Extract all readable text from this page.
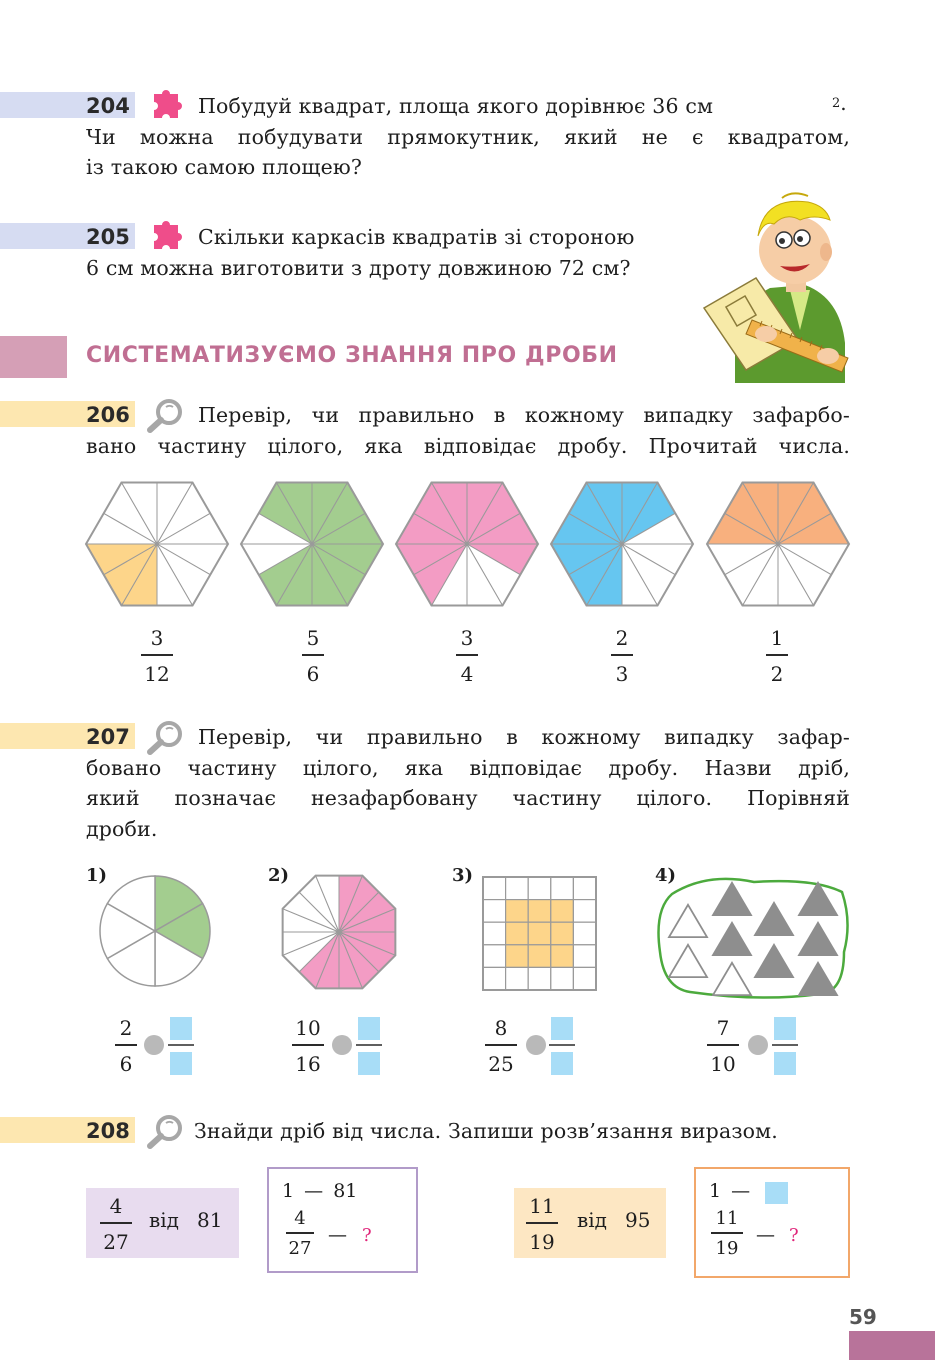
204	Побудуй квадрат, площа якого дорівнює 36 см
Чи можна побудувати прямокутник, який не є квадратом,
із такою самою площею?
2.
205	Скільки каркасів квадратів зі стороною
6 см можна виготовити з дроту довжиною 72 см?
СИСТЕМАТИЗУЄМО ЗНАННЯ ПРО ДРОБИ
206	Перевір, чи правильно в кожному випадку зафарбо-
вано частину цілого, яка відповідає дробу. Прочитай числа.
3
12
5
6
3
4
2
3
1
2
207	Перевір, чи правильно в кожному випадку зафар-
бовано частину цілого, яка відповідає дробу. Назви дріб,
який позначає незафарбовану частину цілого. Порівняй
дроби.
1)	2)	3)	4)
2
6
10
16
8
25
7
10
208	Знайди дріб від числа. Запиши розв’язання виразом.
4
27
від 81
1 — 81
4
27
— ?
11
19
від 95
1 —
11
19
— ?
59
